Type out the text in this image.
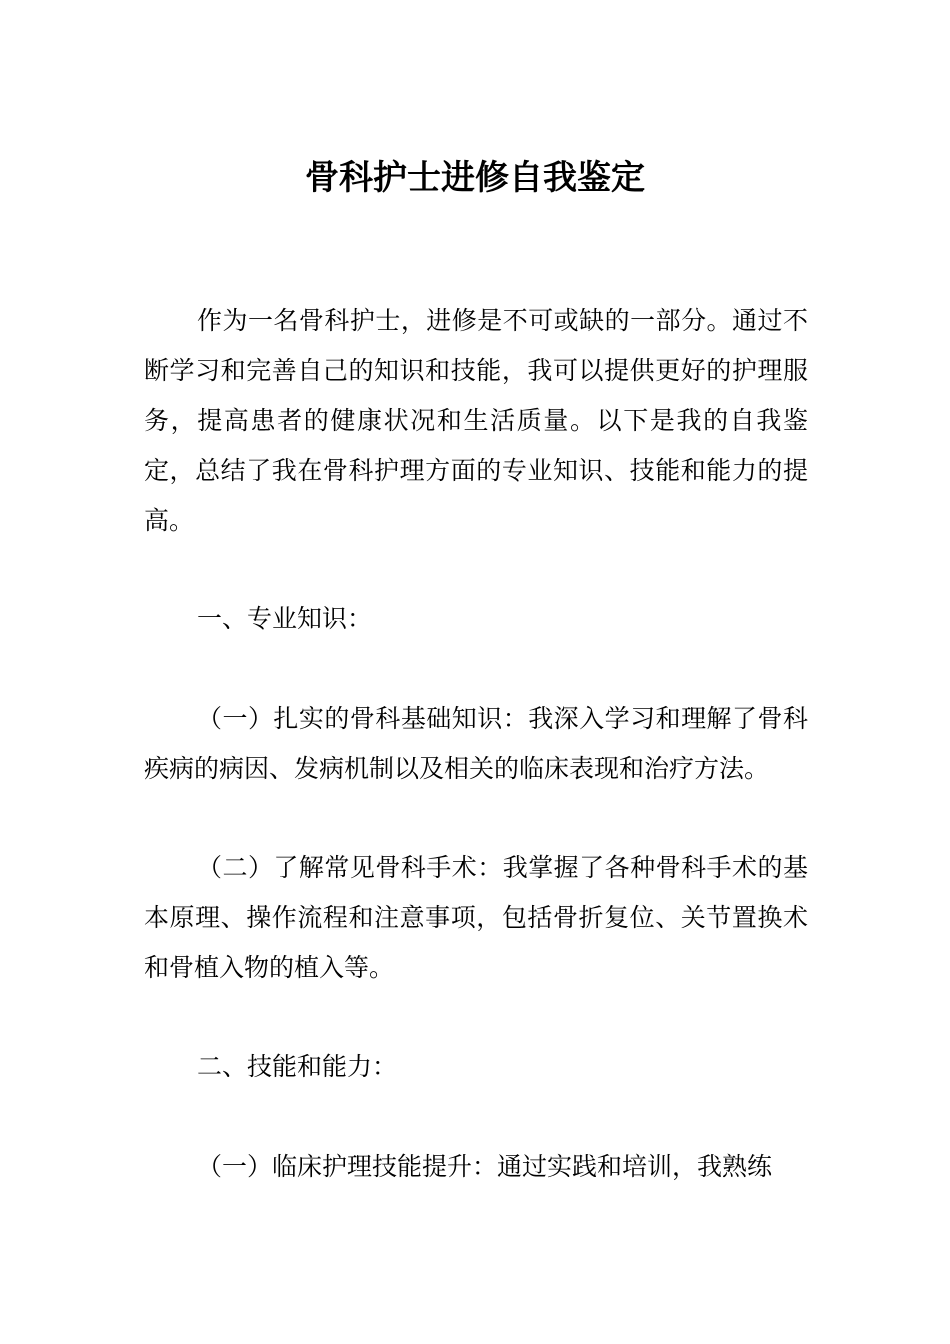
骨科护士进修自我鉴定

作为一名骨科护士，进修是不可或缺的一部分。通过不断学习和完善自己的知识和技能，我可以提供更好的护理服务，提高患者的健康状况和生活质量。以下是我的自我鉴定，总结了我在骨科护理方面的专业知识、技能和能力的提高。

一、专业知识：

（一）扎实的骨科基础知识：我深入学习和理解了骨科疾病的病因、发病机制以及相关的临床表现和治疗方法。

（二）了解常见骨科手术：我掌握了各种骨科手术的基本原理、操作流程和注意事项，包括骨折复位、关节置换术和骨植入物的植入等。

二、技能和能力：

（一）临床护理技能提升：通过实践和培训，我熟练
